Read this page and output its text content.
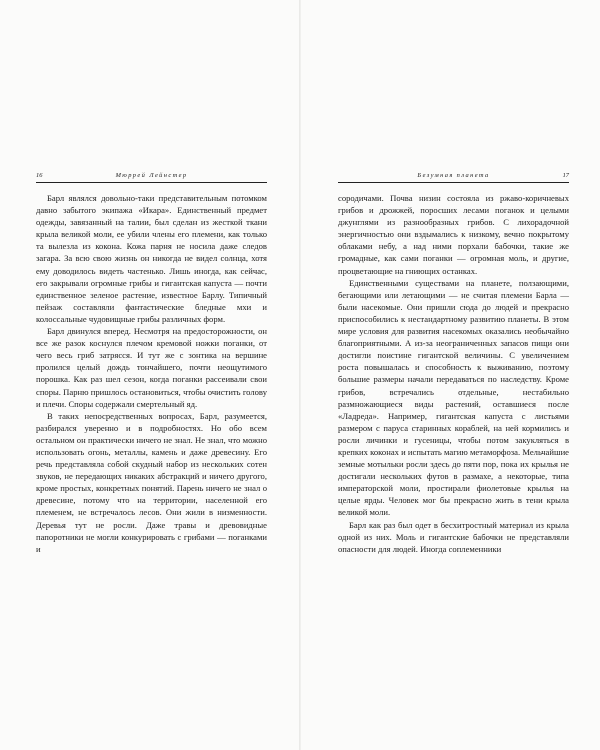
16	Мюррей Лейнстер

Барл являлся довольно-таки представительным потомком давно забытого экипажа «Икара». Единственный предмет одежды, завязанный на талии, был сделан из жесткой ткани крыла великой моли, ее убили члены его племени, как только та вылезла из кокона. Кожа парня не носила даже следов загара. За всю свою жизнь он никогда не видел солнца, хотя ему доводилось видеть частенько. Лишь иногда, как сейчас, его закрывали огромные грибы и гигантская капуста — почти единственное зеленое растение, известное Барлу. Типичный пейзаж составляли фантастические бледные мхи и колоссальные чудовищные грибы различных форм.

Барл двинулся вперед. Несмотря на предосторожности, он все же разок коснулся плечом кремовой ножки поганки, от чего весь гриб затрясся. И тут же с зонтика на вершине пролился целый дождь тончайшего, почти неощутимого порошка. Как раз шел сезон, когда поганки рассеивали свои споры. Парню пришлось остановиться, чтобы очистить голову и плечи. Споры содержали смертельный яд.

В таких непосредственных вопросах, Барл, разумеется, разбирался уверенно и в подробностях. Но обо всем остальном он практически ничего не знал. Не знал, что можно использовать огонь, металлы, камень и даже древесину. Его речь представляла собой скудный набор из нескольких сотен звуков, не передающих никаких абстракций и ничего другого, кроме простых, конкретных понятий. Парень ничего не знал о древесине, потому что на территории, населенной его племенем, не встречалось лесов. Они жили в низменности. Деревья тут не росли. Даже травы и древовидные папоротники не могли конкурировать с грибами — поганками и

Безумная планета	17

сородичами. Почва низин состояла из ржаво-коричневых грибов и дрожжей, поросших лесами поганок и целыми джунглями из разнообразных грибов. С лихорадочной энергичностью они вздымались к низкому, вечно покрытому облаками небу, а над ними порхали бабочки, такие же громадные, как сами поганки — огромная моль, и другие, процветающие на гниющих останках.

Единственными существами на планете, ползающими, бегающими или летающими — не считая племени Барла — были насекомые. Они пришли сюда до людей и прекрасно приспособились к нестандартному развитию планеты. В этом мире условия для развития насекомых оказались необычайно благоприятными. А из-за неограниченных запасов пищи они достигли поистине гигантской величины. С увеличением роста повышалась и способность к выживанию, поэтому большие размеры начали передаваться по наследству. Кроме грибов, встречались отдельные, нестабильно размножающиеся виды растений, оставшиеся после «Ладреда». Например, гигантская капуста с листьями размером с паруса старинных кораблей, на ней кормились и росли личинки и гусеницы, чтобы потом закукляться в крепких коконах и испытать магию метаморфоза. Мельчайшие земные мотыльки росли здесь до пяти пор, пока их крылья не достигали нескольких футов в размахе, а некоторые, типа императорской моли, простирали фиолетовые крылья на целые ярды. Человек мог бы прекрасно жить в тени крыла великой моли.

Барл как раз был одет в бесхитростный материал из крыла одной из них. Моль и гигантские бабочки не представляли опасности для людей. Иногда соплеменники
